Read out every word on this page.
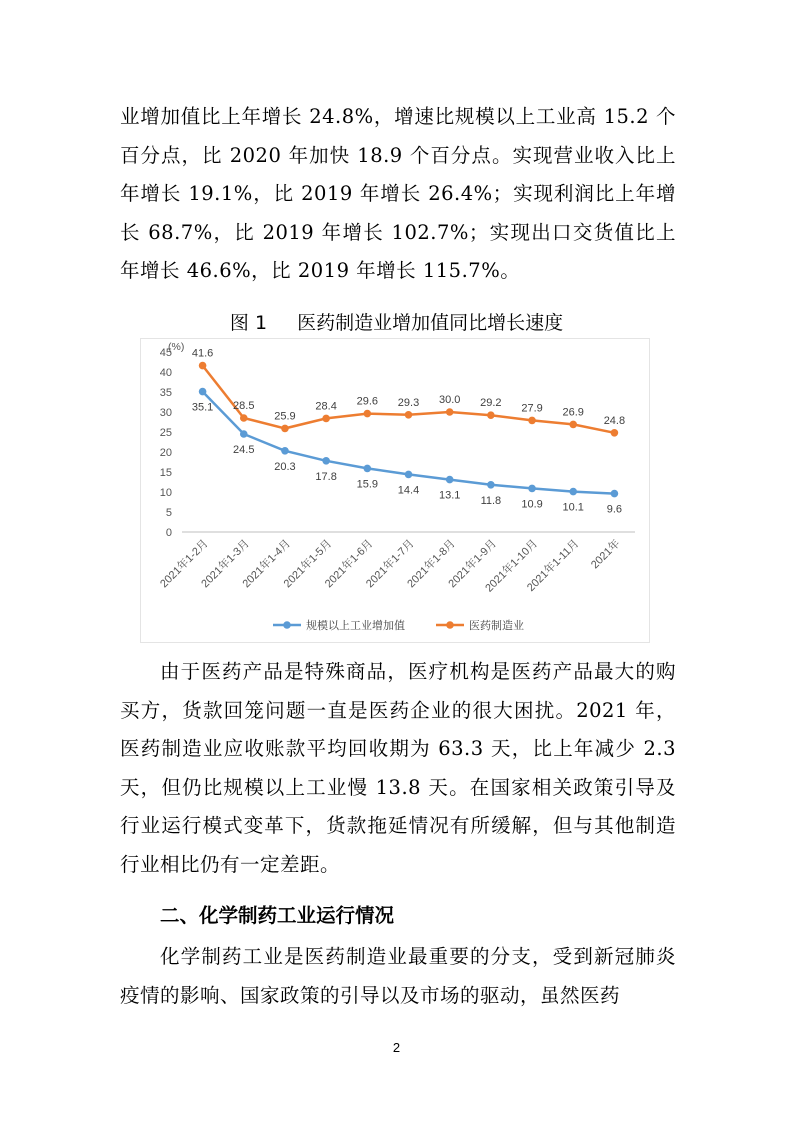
业增加值比上年增长 24.8%，增速比规模以上工业高 15.2 个百分点，比 2020 年加快 18.9 个百分点。实现营业收入比上年增长 19.1%，比 2019 年增长 26.4%；实现利润比上年增长 68.7%，比 2019 年增长 102.7%；实现出口交货值比上年增长 46.6%，比 2019 年增长 115.7%。
图 1 医药制造业增加值同比增长速度
0
5
10
15
20
25
30
35
40
45
(%)
2021年1-2月
2021年1-3月
2021年1-4月
2021年1-5月
2021年1-6月
2021年1-7月
2021年1-8月
2021年1-9月
2021年1-10月
2021年1-11月 2021年
35.1
24.5
20.3
17.8
15.9 14.4 13.1 11.8 10.9 10.1 9.6
41.6
28.5
25.9
28.4 29.6 29.3 30.0 29.2 27.9 26.9
24.8
规模以上工业增加值	医药制造业
由于医药产品是特殊商品，医疗机构是医药产品最大的购买方，货款回笼问题一直是医药企业的很大困扰。2021 年，医药制造业应收账款平均回收期为 63.3 天，比上年减少 2.3 天，但仍比规模以上工业慢 13.8 天。在国家相关政策引导及行业运行模式变革下，货款拖延情况有所缓解，但与其他制造行业相比仍有一定差距。
二、化学制药工业运行情况
化学制药工业是医药制造业最重要的分支，受到新冠肺炎疫情的影响、国家政策的引导以及市场的驱动，虽然医药
2
